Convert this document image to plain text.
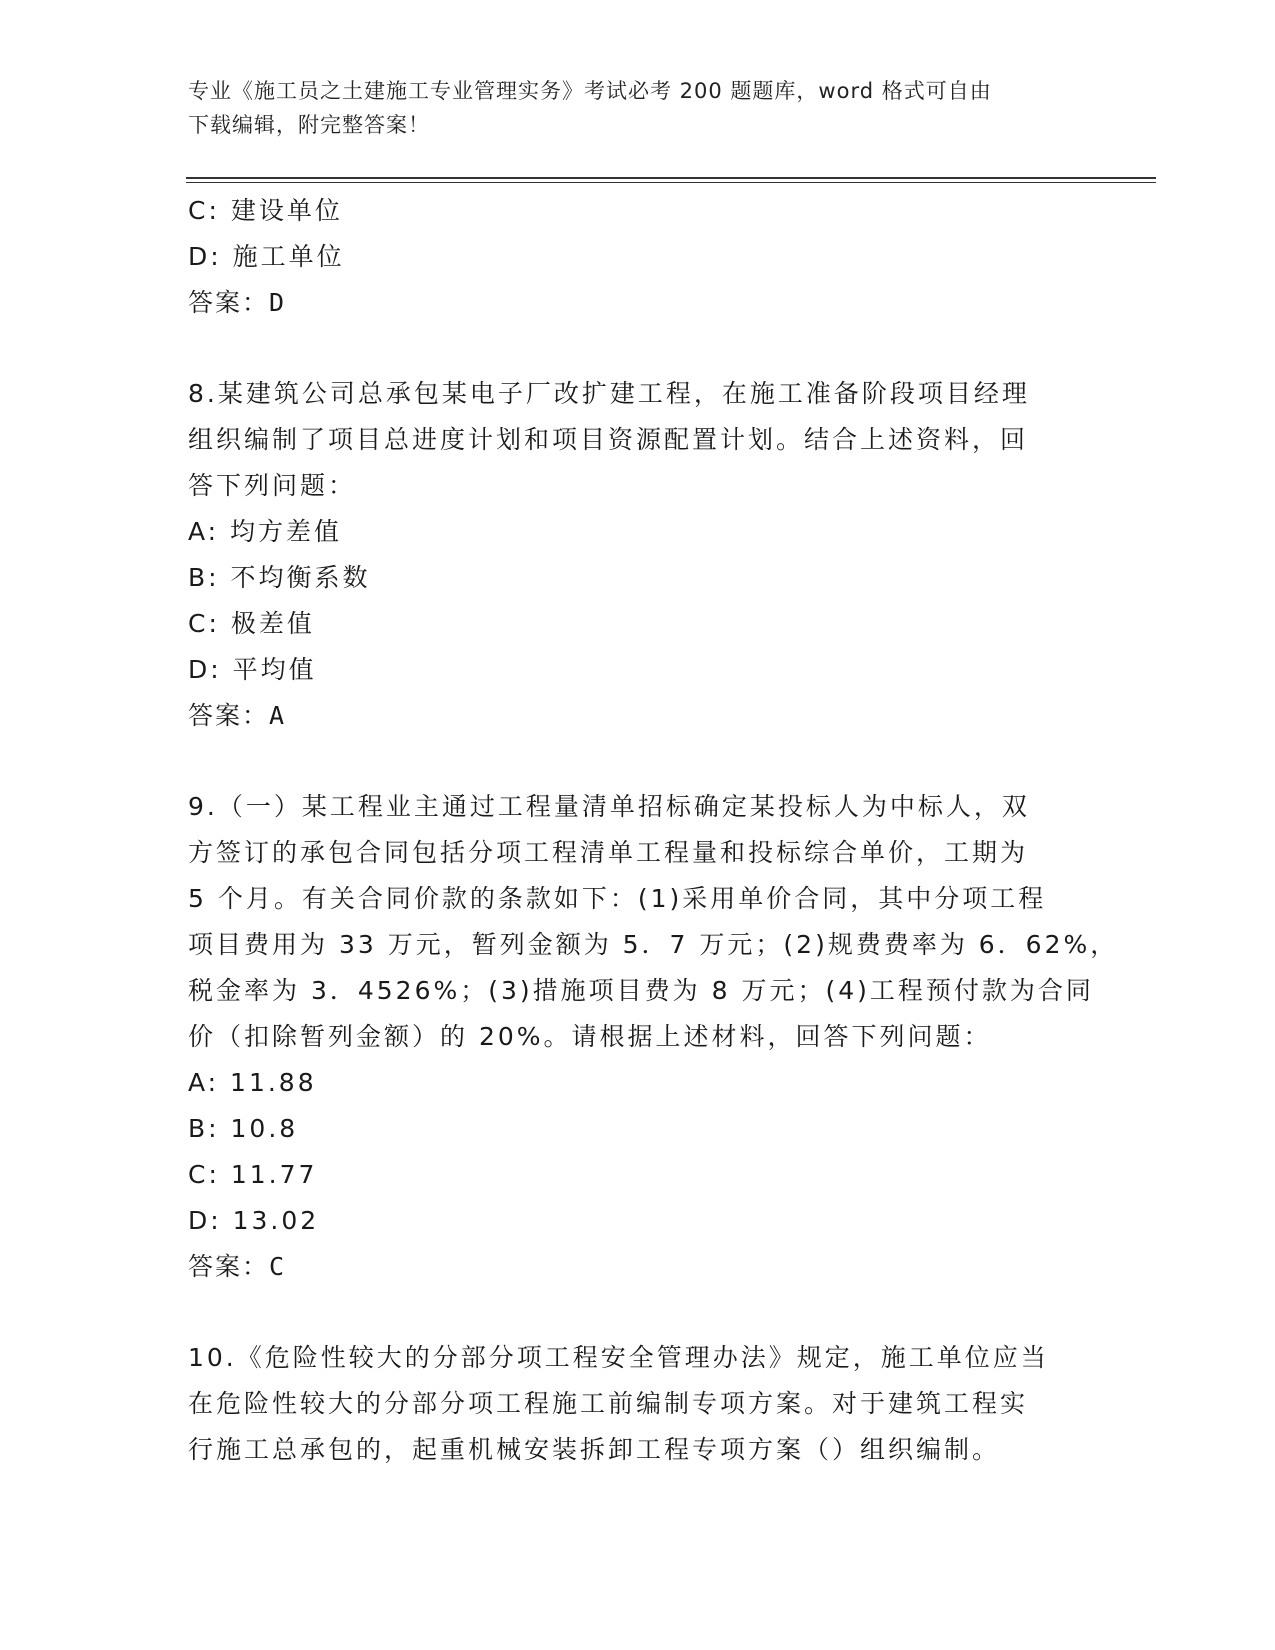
专业《施工员之土建施工专业管理实务》考试必考 200 题题库，word 格式可自由
下载编辑，附完整答案！
C: 建设单位
D: 施工单位
答案：D
8.某建筑公司总承包某电子厂改扩建工程，在施工准备阶段项目经理
组织编制了项目总进度计划和项目资源配置计划。结合上述资料，回
答下列问题：
A: 均方差值
B: 不均衡系数
C: 极差值
D: 平均值
答案：A
9.（一）某工程业主通过工程量清单招标确定某投标人为中标人，双
方签订的承包合同包括分项工程清单工程量和投标综合单价，工期为
5 个月。有关合同价款的条款如下：(1)采用单价合同，其中分项工程
项目费用为 33 万元，暂列金额为 5．7 万元；(2)规费费率为 6．62%，
税金率为 3．4526%；(3)措施项目费为 8 万元；(4)工程预付款为合同
价（扣除暂列金额）的 20%。请根据上述材料，回答下列问题：
A: 11.88
B: 10.8
C: 11.77
D: 13.02
答案：C
10.《危险性较大的分部分项工程安全管理办法》规定，施工单位应当
在危险性较大的分部分项工程施工前编制专项方案。对于建筑工程实
行施工总承包的，起重机械安装拆卸工程专项方案（）组织编制。
